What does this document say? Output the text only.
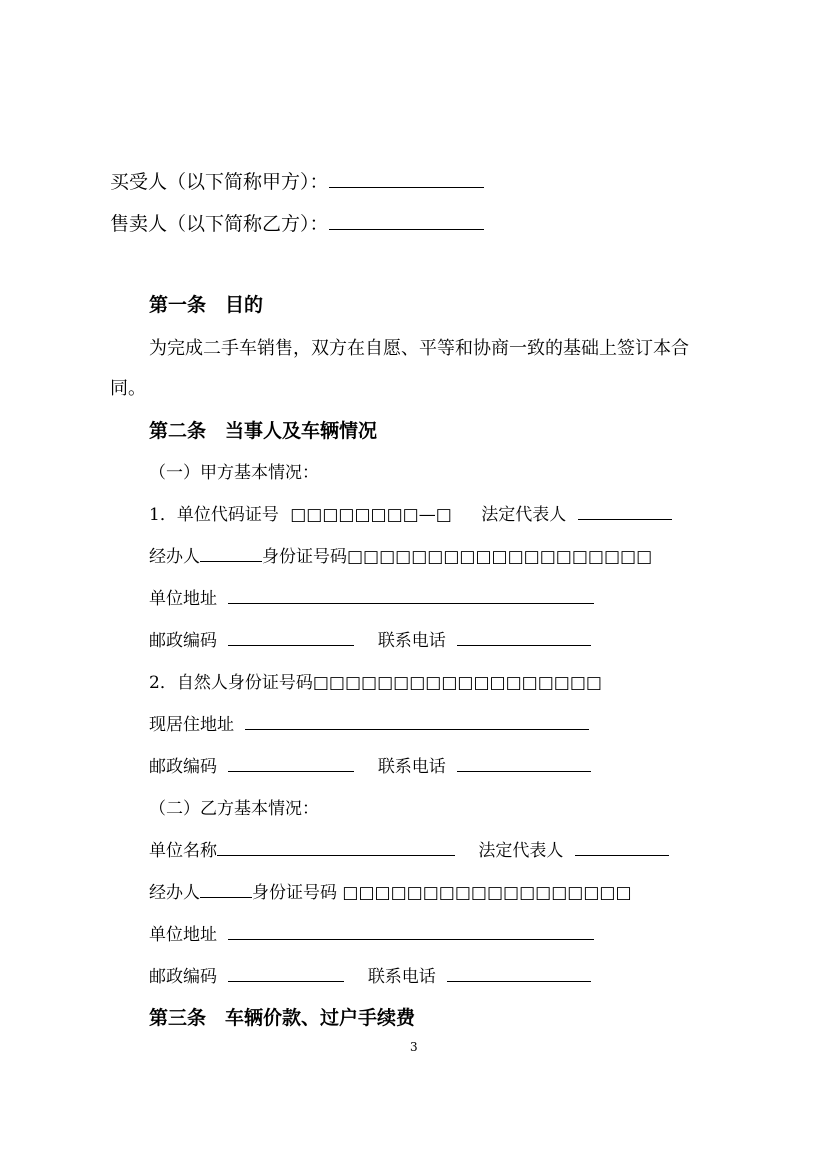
买受人（以下简称甲方）：
售卖人（以下简称乙方）：
第一条　目的
为完成二手车销售，双方在自愿、平等和协商一致的基础上签订本合
同。
第二条　当事人及车辆情况
（一）甲方基本情况：
1．单位代码证号 □□□□□□□□—□ 法定代表人
经办人	身份证号码□□□□□□□□□□□□□□□□□□□
单位地址
邮政编码	联系电话
2．自然人身份证号码□□□□□□□□□□□□□□□□□□
现居住地址
邮政编码	联系电话
（二）乙方基本情况：
单位名称	法定代表人
经办人	身份证号码 □□□□□□□□□□□□□□□□□□
单位地址
邮政编码	联系电话
第三条　车辆价款、过户手续费
3
